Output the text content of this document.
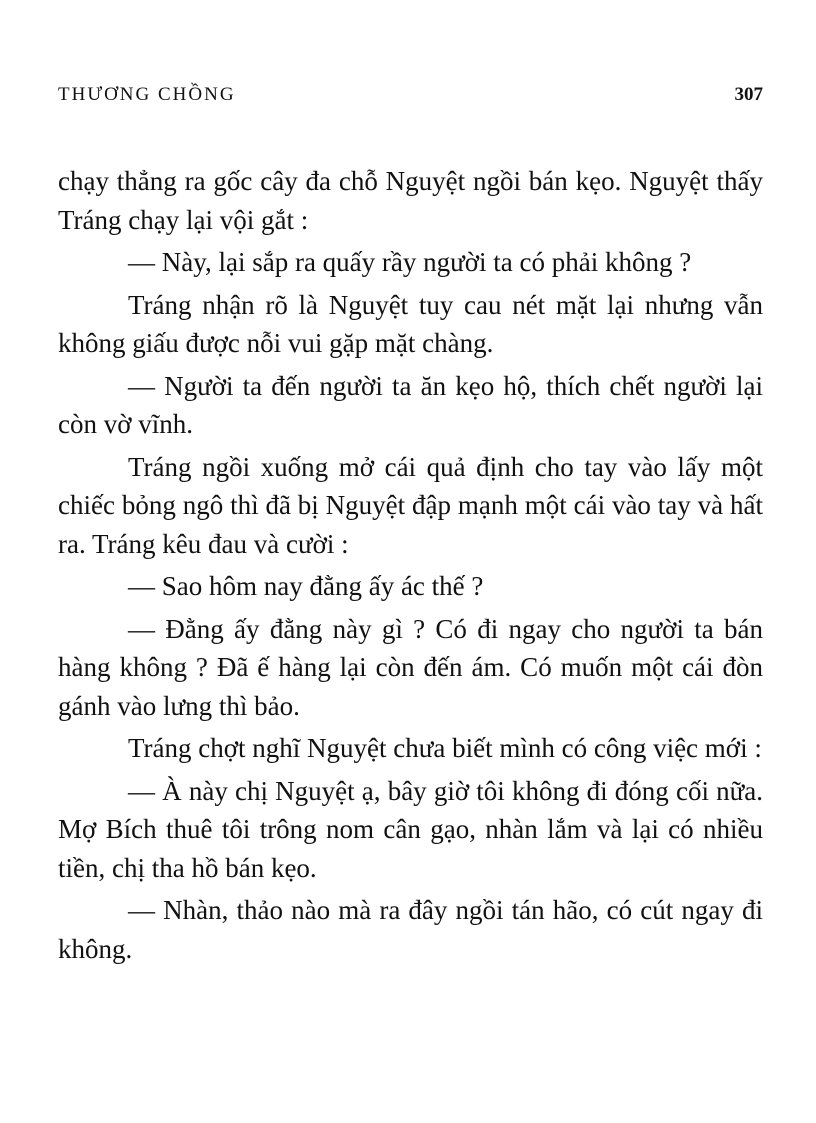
THƯƠNG CHỒNG	307

chạy thẳng ra gốc cây đa chỗ Nguyệt ngồi bán kẹo. Nguyệt thấy Tráng chạy lại vội gắt :

— Này, lại sắp ra quấy rầy người ta có phải không ?

Tráng nhận rõ là Nguyệt tuy cau nét mặt lại nhưng vẫn không giấu được nỗi vui gặp mặt chàng.

— Người ta đến người ta ăn kẹo hộ, thích chết người lại còn vờ vĩnh.

Tráng ngồi xuống mở cái quả định cho tay vào lấy một chiếc bỏng ngô thì đã bị Nguyệt đập mạnh một cái vào tay và hất ra. Tráng kêu đau và cười :

— Sao hôm nay đằng ấy ác thế ?

— Đằng ấy đằng này gì ? Có đi ngay cho người ta bán hàng không ? Đã ế hàng lại còn đến ám. Có muốn một cái đòn gánh vào lưng thì bảo.

Tráng chợt nghĩ Nguyệt chưa biết mình có công việc mới :

— À này chị Nguyệt ạ, bây giờ tôi không đi đóng cối nữa. Mợ Bích thuê tôi trông nom cân gạo, nhàn lắm và lại có nhiều tiền, chị tha hồ bán kẹo.

— Nhàn, thảo nào mà ra đây ngồi tán hão, có cút ngay đi không.
